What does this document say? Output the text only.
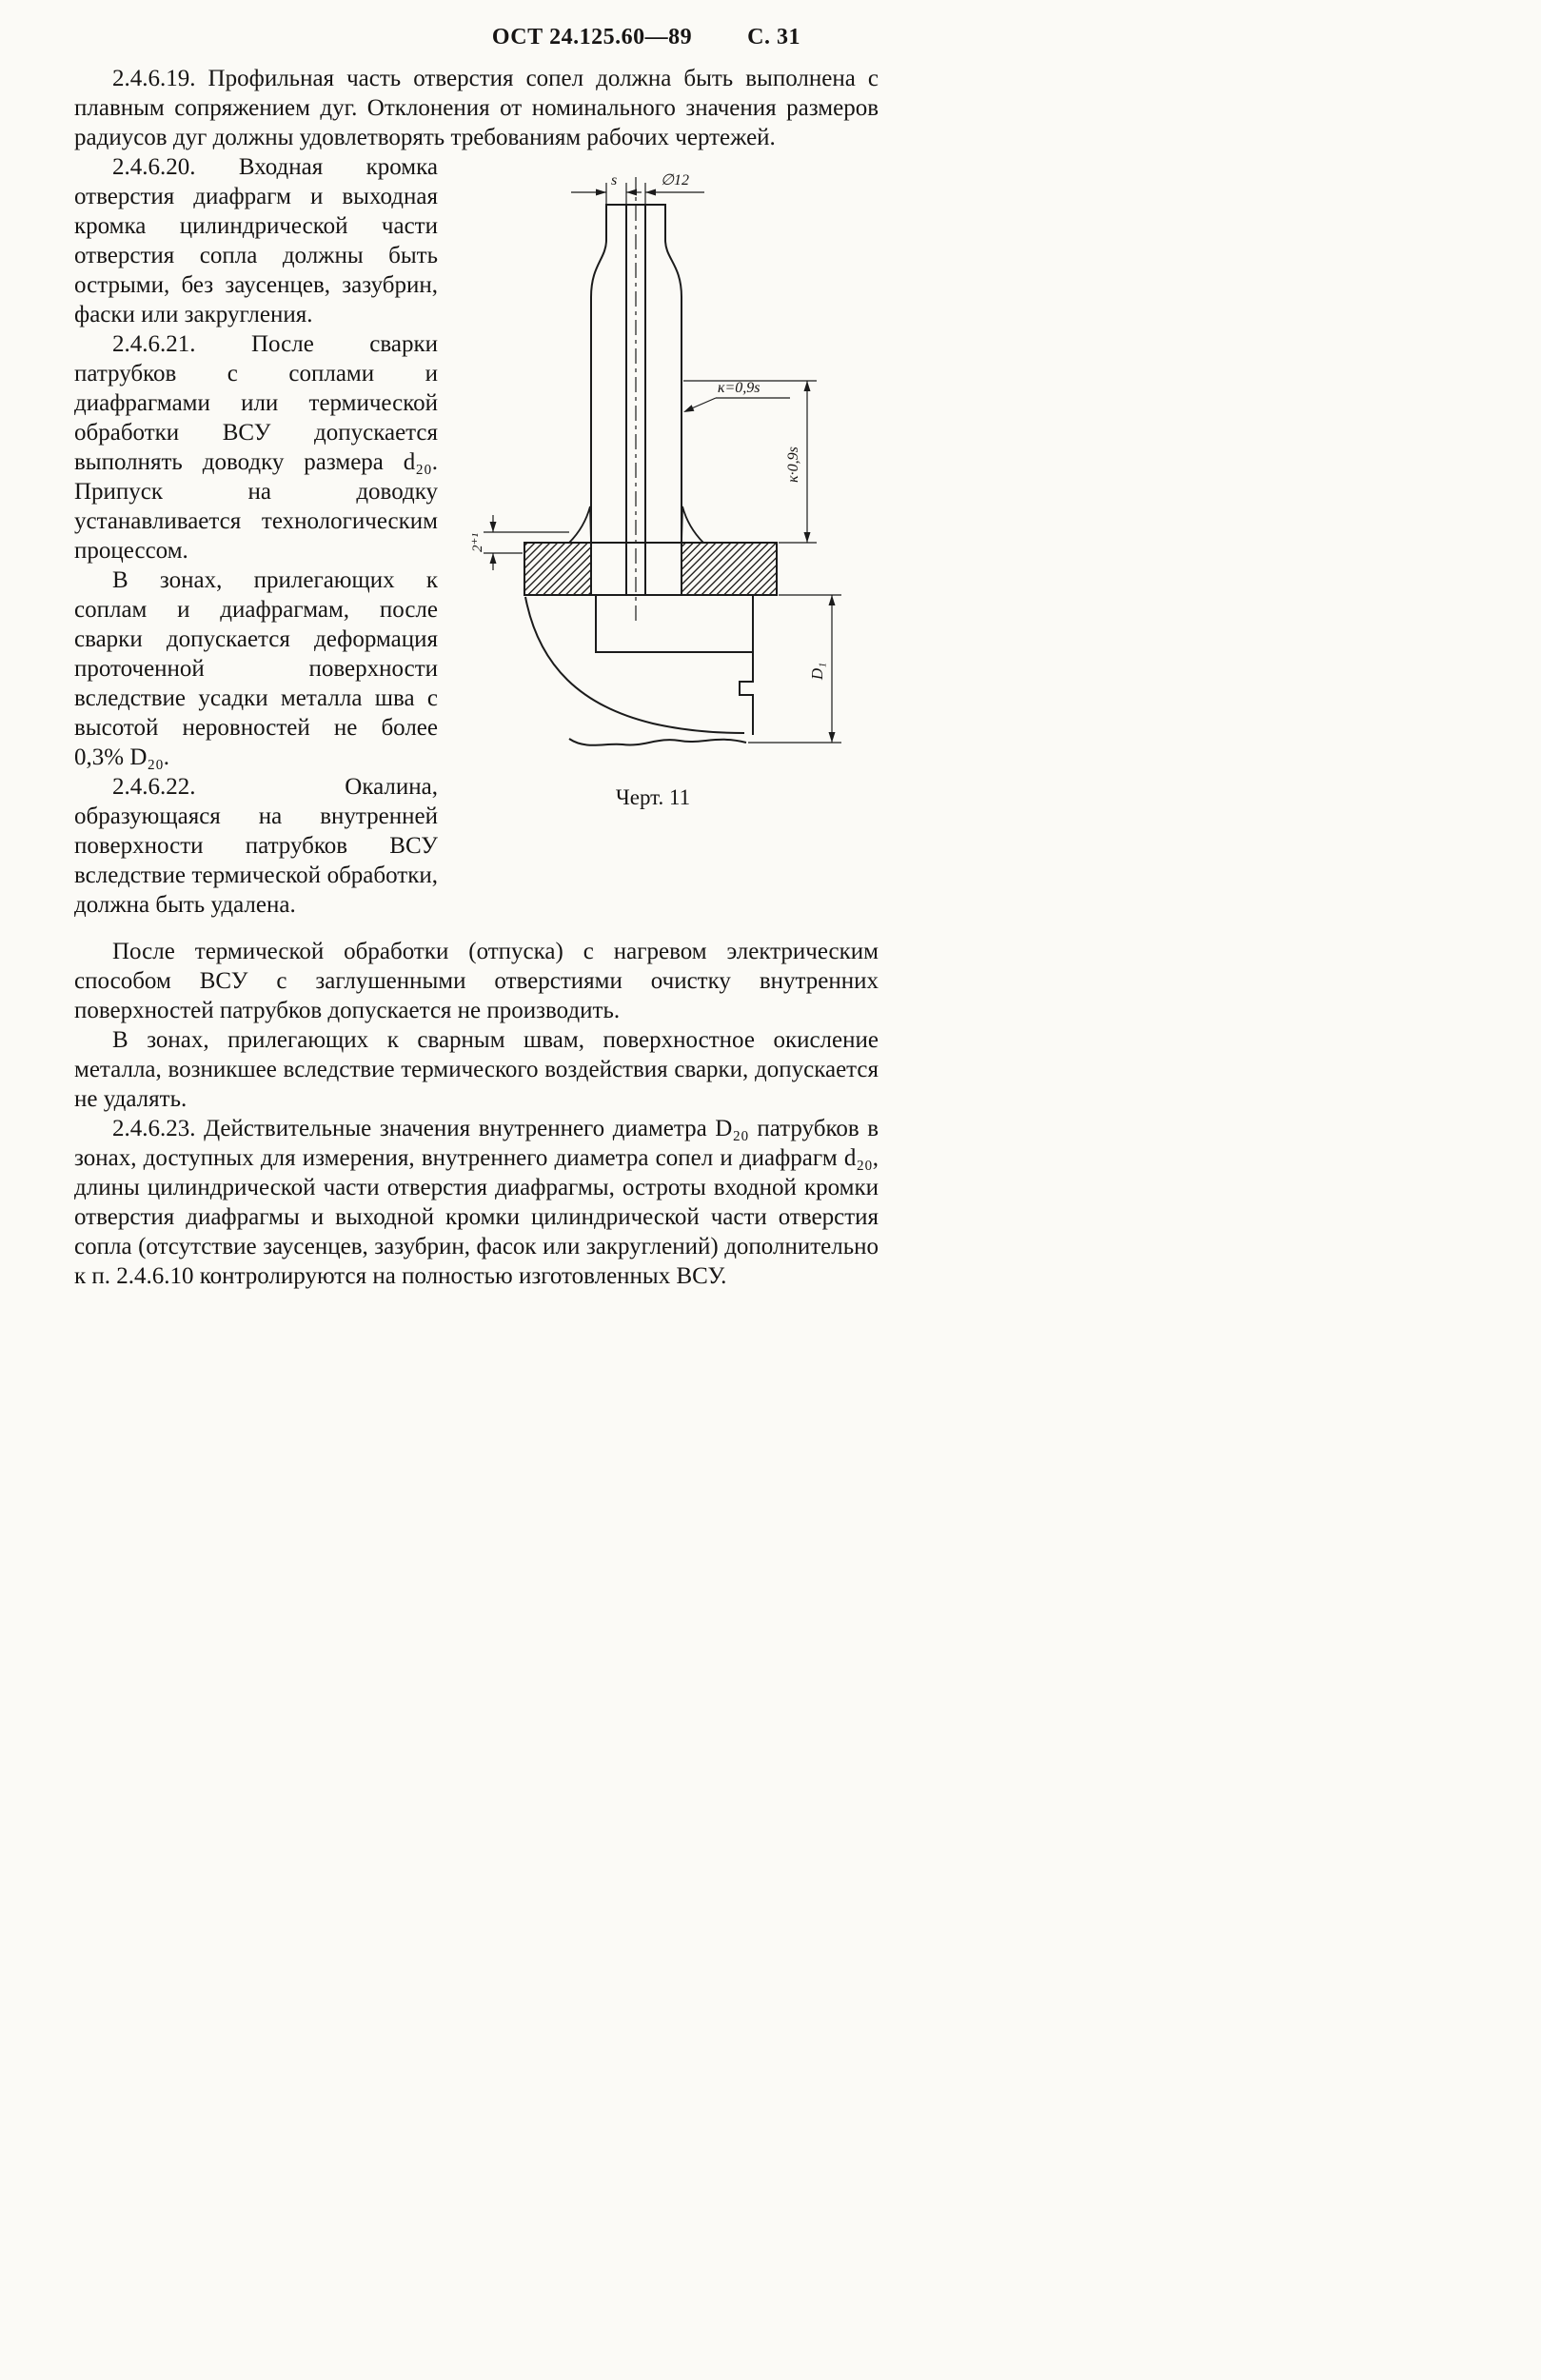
ОСТ 24.125.60—89 С. 31

2.4.6.19. Профильная часть отверстия сопел должна быть выполнена с плавным сопряжением дуг. Отклонения от номинального значения размеров радиусов дуг должны удовлетворять требованиям рабочих чертежей.

2.4.6.20. Входная кромка отверстия диафрагм и выходная кромка цилиндрической части отверстия сопла должны быть острыми, без заусенцев, зазубрин, фаски или закругления.

2.4.6.21. После сварки патрубков с соплами и диафрагмами или термической обработки ВСУ допускается выполнять доводку размера d₂₀. Припуск на доводку устанавливается технологическим процессом.

В зонах, прилегающих к соплам и диафрагмам, после сварки допускается деформация проточенной поверхности вследствие усадки металла шва с высотой неровностей не более 0,3% D₂₀.

2.4.6.22. Окалина, образующаяся на внутренней поверхности патрубков ВСУ вследствие термической обработки, должна быть удалена.

s	∅12
к=0,9s
к·0,9s
2⁺¹
D₁
Черт. 11

После термической обработки (отпуска) с нагревом электрическим способом ВСУ с заглушенными отверстиями очистку внутренних поверхностей патрубков допускается не производить.

В зонах, прилегающих к сварным швам, поверхностное окисление металла, возникшее вследствие термического воздействия сварки, допускается не удалять.

2.4.6.23. Действительные значения внутреннего диаметра D₂₀ патрубков в зонах, доступных для измерения, внутреннего диаметра сопел и диафрагм d₂₀, длины цилиндрической части отверстия диафрагмы, остроты входной кромки отверстия диафрагмы и выходной кромки цилиндрической части отверстия сопла (отсутствие заусенцев, зазубрин, фасок или закруглений) дополнительно к п. 2.4.6.10 контролируются на полностью изготовленных ВСУ.
